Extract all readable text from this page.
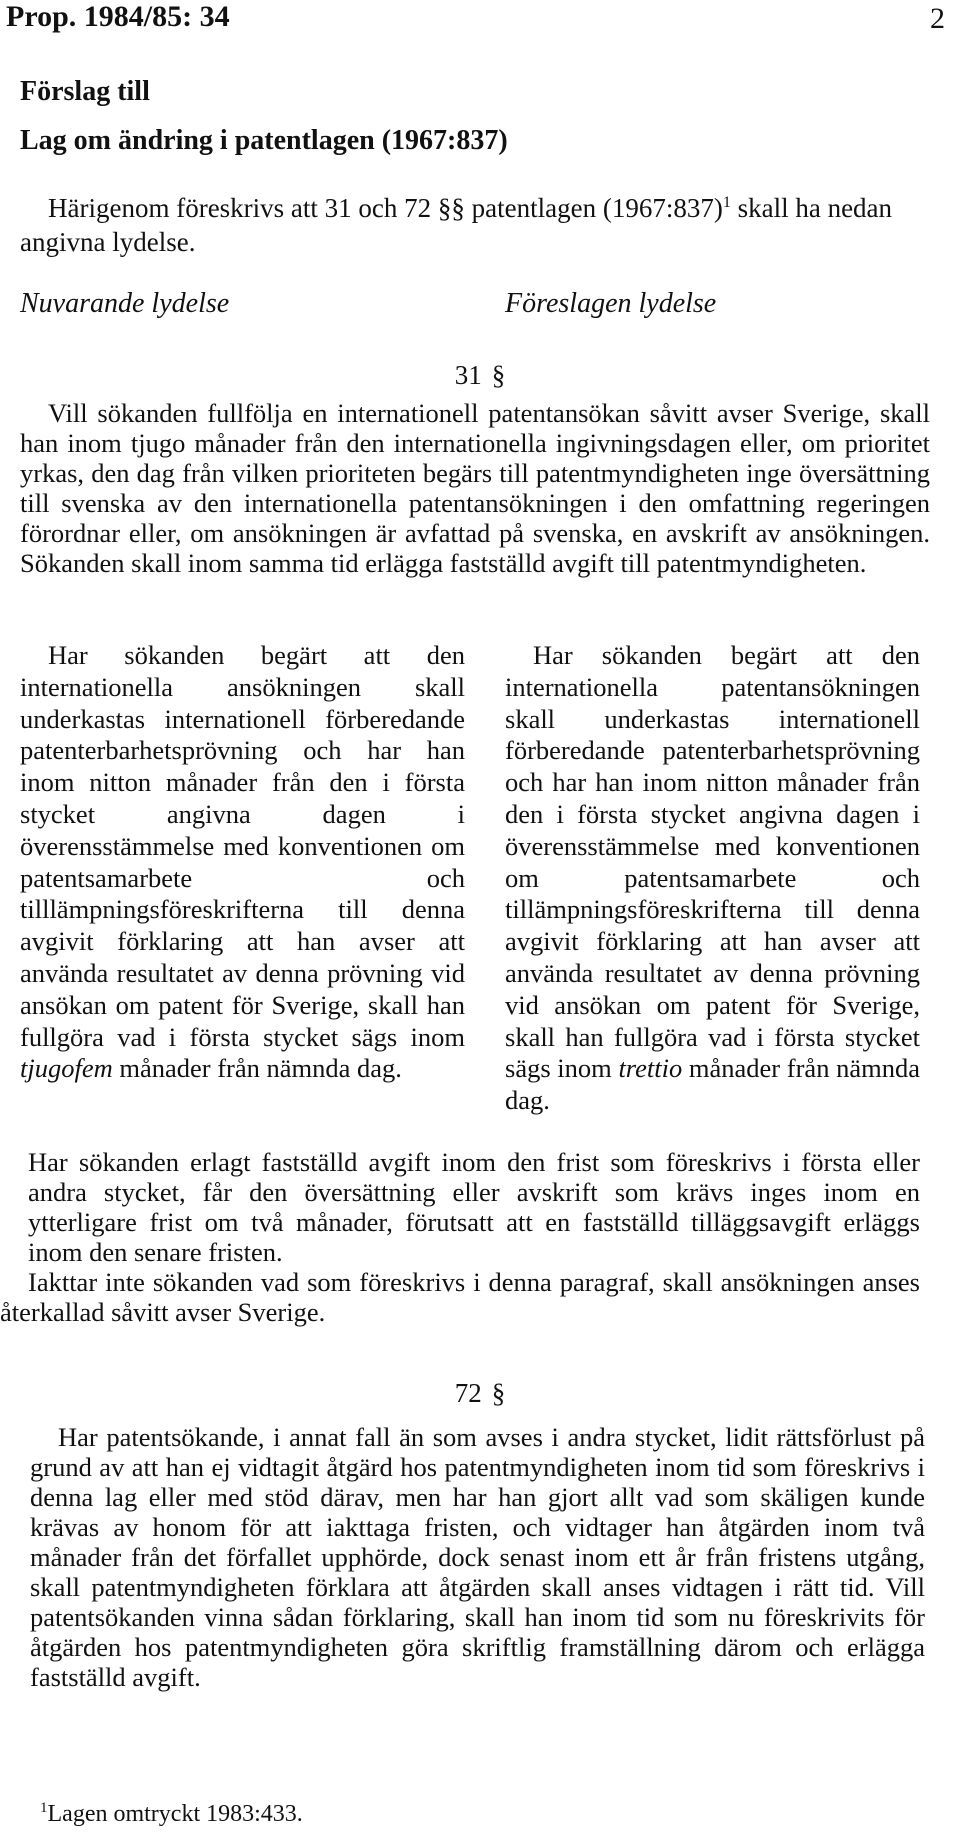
Prop. 1984/85: 34	2
Förslag till
Lag om ändring i patentlagen (1967:837)
Härigenom föreskrivs att 31 och 72 §§ patentlagen (1967:837)$^1$ skall ha nedan angivna lydelse.
Nuvarande lydelse	Föreslagen lydelse
31 §

Vill sökanden fullfölja en internationell patentansökan såvitt avser Sverige, skall han inom tjugo månader från den internationella ingivningsdagen eller, om prioritet yrkas, den dag från vilken prioriteten begärs till patentmyndigheten inge översättning till svenska av den internationella patentansökningen i den omfattning regeringen förordnar eller, om ansökningen är avfattad på svenska, en avskrift av ansökningen. Sökanden skall inom samma tid erlägga fastställd avgift till patentmyndigheten.

Har sökanden begärt att den internationella ansökningen skall underkastas internationell förberedande patenterbarhetsprövning och har han inom nitton månader från den i första stycket angivna dagen i överensstämmelse med konventionen om patentsamarbete och tilllämpningsföreskrifterna till denna avgivit förklaring att han avser att använda resultatet av denna prövning vid ansökan om patent för Sverige, skall han fullgöra vad i första stycket sägs inom tjugofem månader från nämnda dag.

Har sökanden begärt att den internationella patentansökningen skall underkastas internationell förberedande patenterbarhetsprövning och har han inom nitton månader från den i första stycket angivna dagen i överensstämmelse med konventionen om patentsamarbete och tillämpningsföreskrifterna till denna avgivit förklaring att han avser att använda resultatet av denna prövning vid ansökan om patent för Sverige, skall han fullgöra vad i första stycket sägs inom trettio månader från nämnda dag.

Har sökanden erlagt fastställd avgift inom den frist som föreskrivs i första eller andra stycket, får den översättning eller avskrift som krävs inges inom en ytterligare frist om två månader, förutsatt att en fastställd tilläggsavgift erläggs inom den senare fristen.

Iakttar inte sökanden vad som föreskrivs i denna paragraf, skall ansökningen anses återkallad såvitt avser Sverige.

72 §

Har patentsökande, i annat fall än som avses i andra stycket, lidit rättsförlust på grund av att han ej vidtagit åtgärd hos patentmyndigheten inom tid som föreskrivs i denna lag eller med stöd därav, men har han gjort allt vad som skäligen kunde krävas av honom för att iakttaga fristen, och vidtager han åtgärden inom två månader från det förfallet upphörde, dock senast inom ett år från fristens utgång, skall patentmyndigheten förklara att åtgärden skall anses vidtagen i rätt tid. Vill patentsökanden vinna sådan förklaring, skall han inom tid som nu föreskrivits för åtgärden hos patentmyndigheten göra skriftlig framställning därom och erlägga fastställd avgift.

$^1$Lagen omtryckt 1983:433.
